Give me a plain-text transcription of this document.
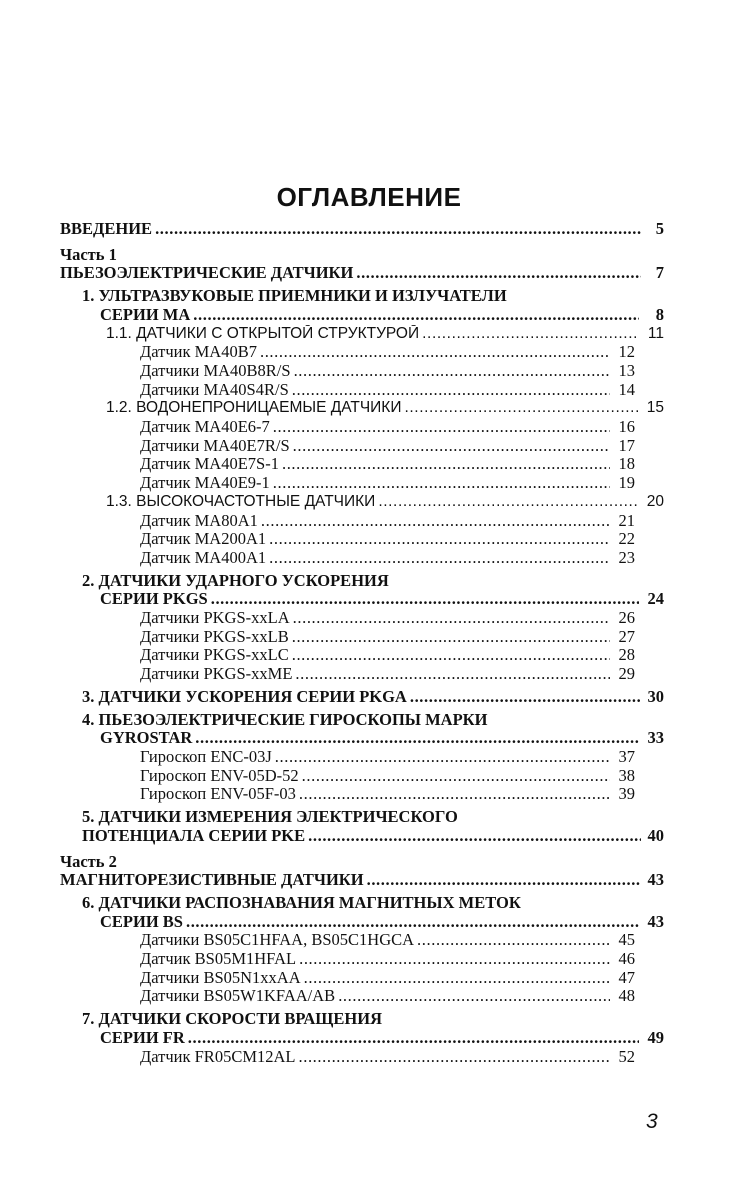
ОГЛАВЛЕНИЕ
ВВЕДЕНИЕ .....	5
Часть 1
ПЬЕЗОЭЛЕКТРИЧЕСКИЕ ДАТЧИКИ .....	7
1. УЛЬТРАЗВУКОВЫЕ ПРИЕМНИКИ И ИЗЛУЧАТЕЛИ
СЕРИИ МА .....	8
1.1. ДАТЧИКИ С ОТКРЫТОЙ СТРУКТУРОЙ .....	11
Датчик MA40B7 .....	12
Датчики MA40B8R/S .....	13
Датчики MA40S4R/S .....	14
1.2. ВОДОНЕПРОНИЦАЕМЫЕ ДАТЧИКИ .....	15
Датчик MA40E6-7 .....	16
Датчики MA40E7R/S .....	17
Датчик MA40E7S-1 .....	18
Датчик MA40E9-1 .....	19
1.3. ВЫСОКОЧАСТОТНЫЕ ДАТЧИКИ .....	20
Датчик MA80A1 .....	21
Датчик MA200A1 .....	22
Датчик MA400A1 .....	23
2. ДАТЧИКИ УДАРНОГО УСКОРЕНИЯ
СЕРИИ PKGS .....	24
Датчики PKGS-xxLA .....	26
Датчики PKGS-xxLB .....	27
Датчики PKGS-xxLC .....	28
Датчики PKGS-xxME .....	29
3. ДАТЧИКИ УСКОРЕНИЯ СЕРИИ PKGA .....	30
4. ПЬЕЗОЭЛЕКТРИЧЕСКИЕ ГИРОСКОПЫ МАРКИ
GYROSTAR .....	33
Гироскоп ENC-03J .....	37
Гироскоп ENV-05D-52 .....	38
Гироскоп ENV-05F-03 .....	39
5. ДАТЧИКИ ИЗМЕРЕНИЯ ЭЛЕКТРИЧЕСКОГО
ПОТЕНЦИАЛА СЕРИИ PKE .....	40
Часть 2
МАГНИТОРЕЗИСТИВНЫЕ ДАТЧИКИ .....	43
6. ДАТЧИКИ РАСПОЗНАВАНИЯ МАГНИТНЫХ МЕТОК
СЕРИИ BS .....	43
Датчики BS05C1HFAA, BS05C1HGCA .....	45
Датчик BS05M1HFAL .....	46
Датчики BS05N1xxAA .....	47
Датчики BS05W1KFAA/AB .....	48
7. ДАТЧИКИ СКОРОСТИ ВРАЩЕНИЯ
СЕРИИ FR .....	49
Датчик FR05CM12AL .....	52
3
